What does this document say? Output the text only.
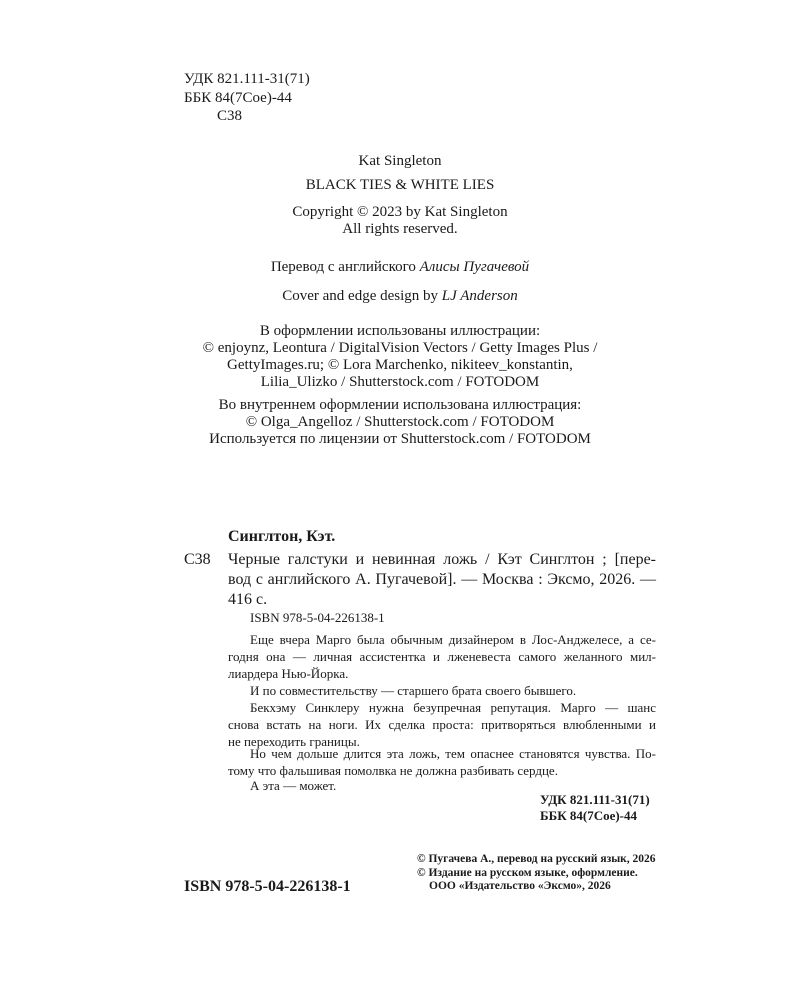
УДК 821.111-31(71)
ББК 84(7Сое)-44
С38
Kat Singleton
BLACK TIES & WHITE LIES
Copyright © 2023 by Kat Singleton
All rights reserved.
Перевод с английского Алисы Пугачевой
Cover and edge design by LJ Anderson
В оформлении использованы иллюстрации:
© enjoynz, Leontura / DigitalVision Vectors / Getty Images Plus /
GettyImages.ru; © Lora Marchenko, nikiteev_konstantin,
Lilia_Ulizko / Shutterstock.com / FOTODOM
Во внутреннем оформлении использована иллюстрация:
© Olga_Angelloz / Shutterstock.com / FOTODOM
Используется по лицензии от Shutterstock.com / FOTODOM
Синглтон, Кэт.
С38 Черные галстуки и невинная ложь / Кэт Синглтон ; [пере-
вод с английского А. Пугачевой]. — Москва : Эксмо, 2026. —
416 с.
ISBN 978-5-04-226138-1
Еще вчера Марго была обычным дизайнером в Лос-Анджелесе, а се-
годня она — личная ассистентка и лженевеста самого желанного мил-
лиардера Нью-Йорка.
И по совместительству — старшего брата своего бывшего.
Бекхэму Синклеру нужна безупречная репутация. Марго — шанс
снова встать на ноги. Их сделка проста: притворяться влюбленными и
не переходить границы.
Но чем дольше длится эта ложь, тем опаснее становятся чувства. По-
тому что фальшивая помолвка не должна разбивать сердце.
А эта — может.
УДК 821.111-31(71)
ББК 84(7Сое)-44
ISBN 978-5-04-226138-1
© Пугачева А., перевод на русский язык, 2026
© Издание на русском языке, оформление.
ООО «Издательство «Эксмо», 2026
